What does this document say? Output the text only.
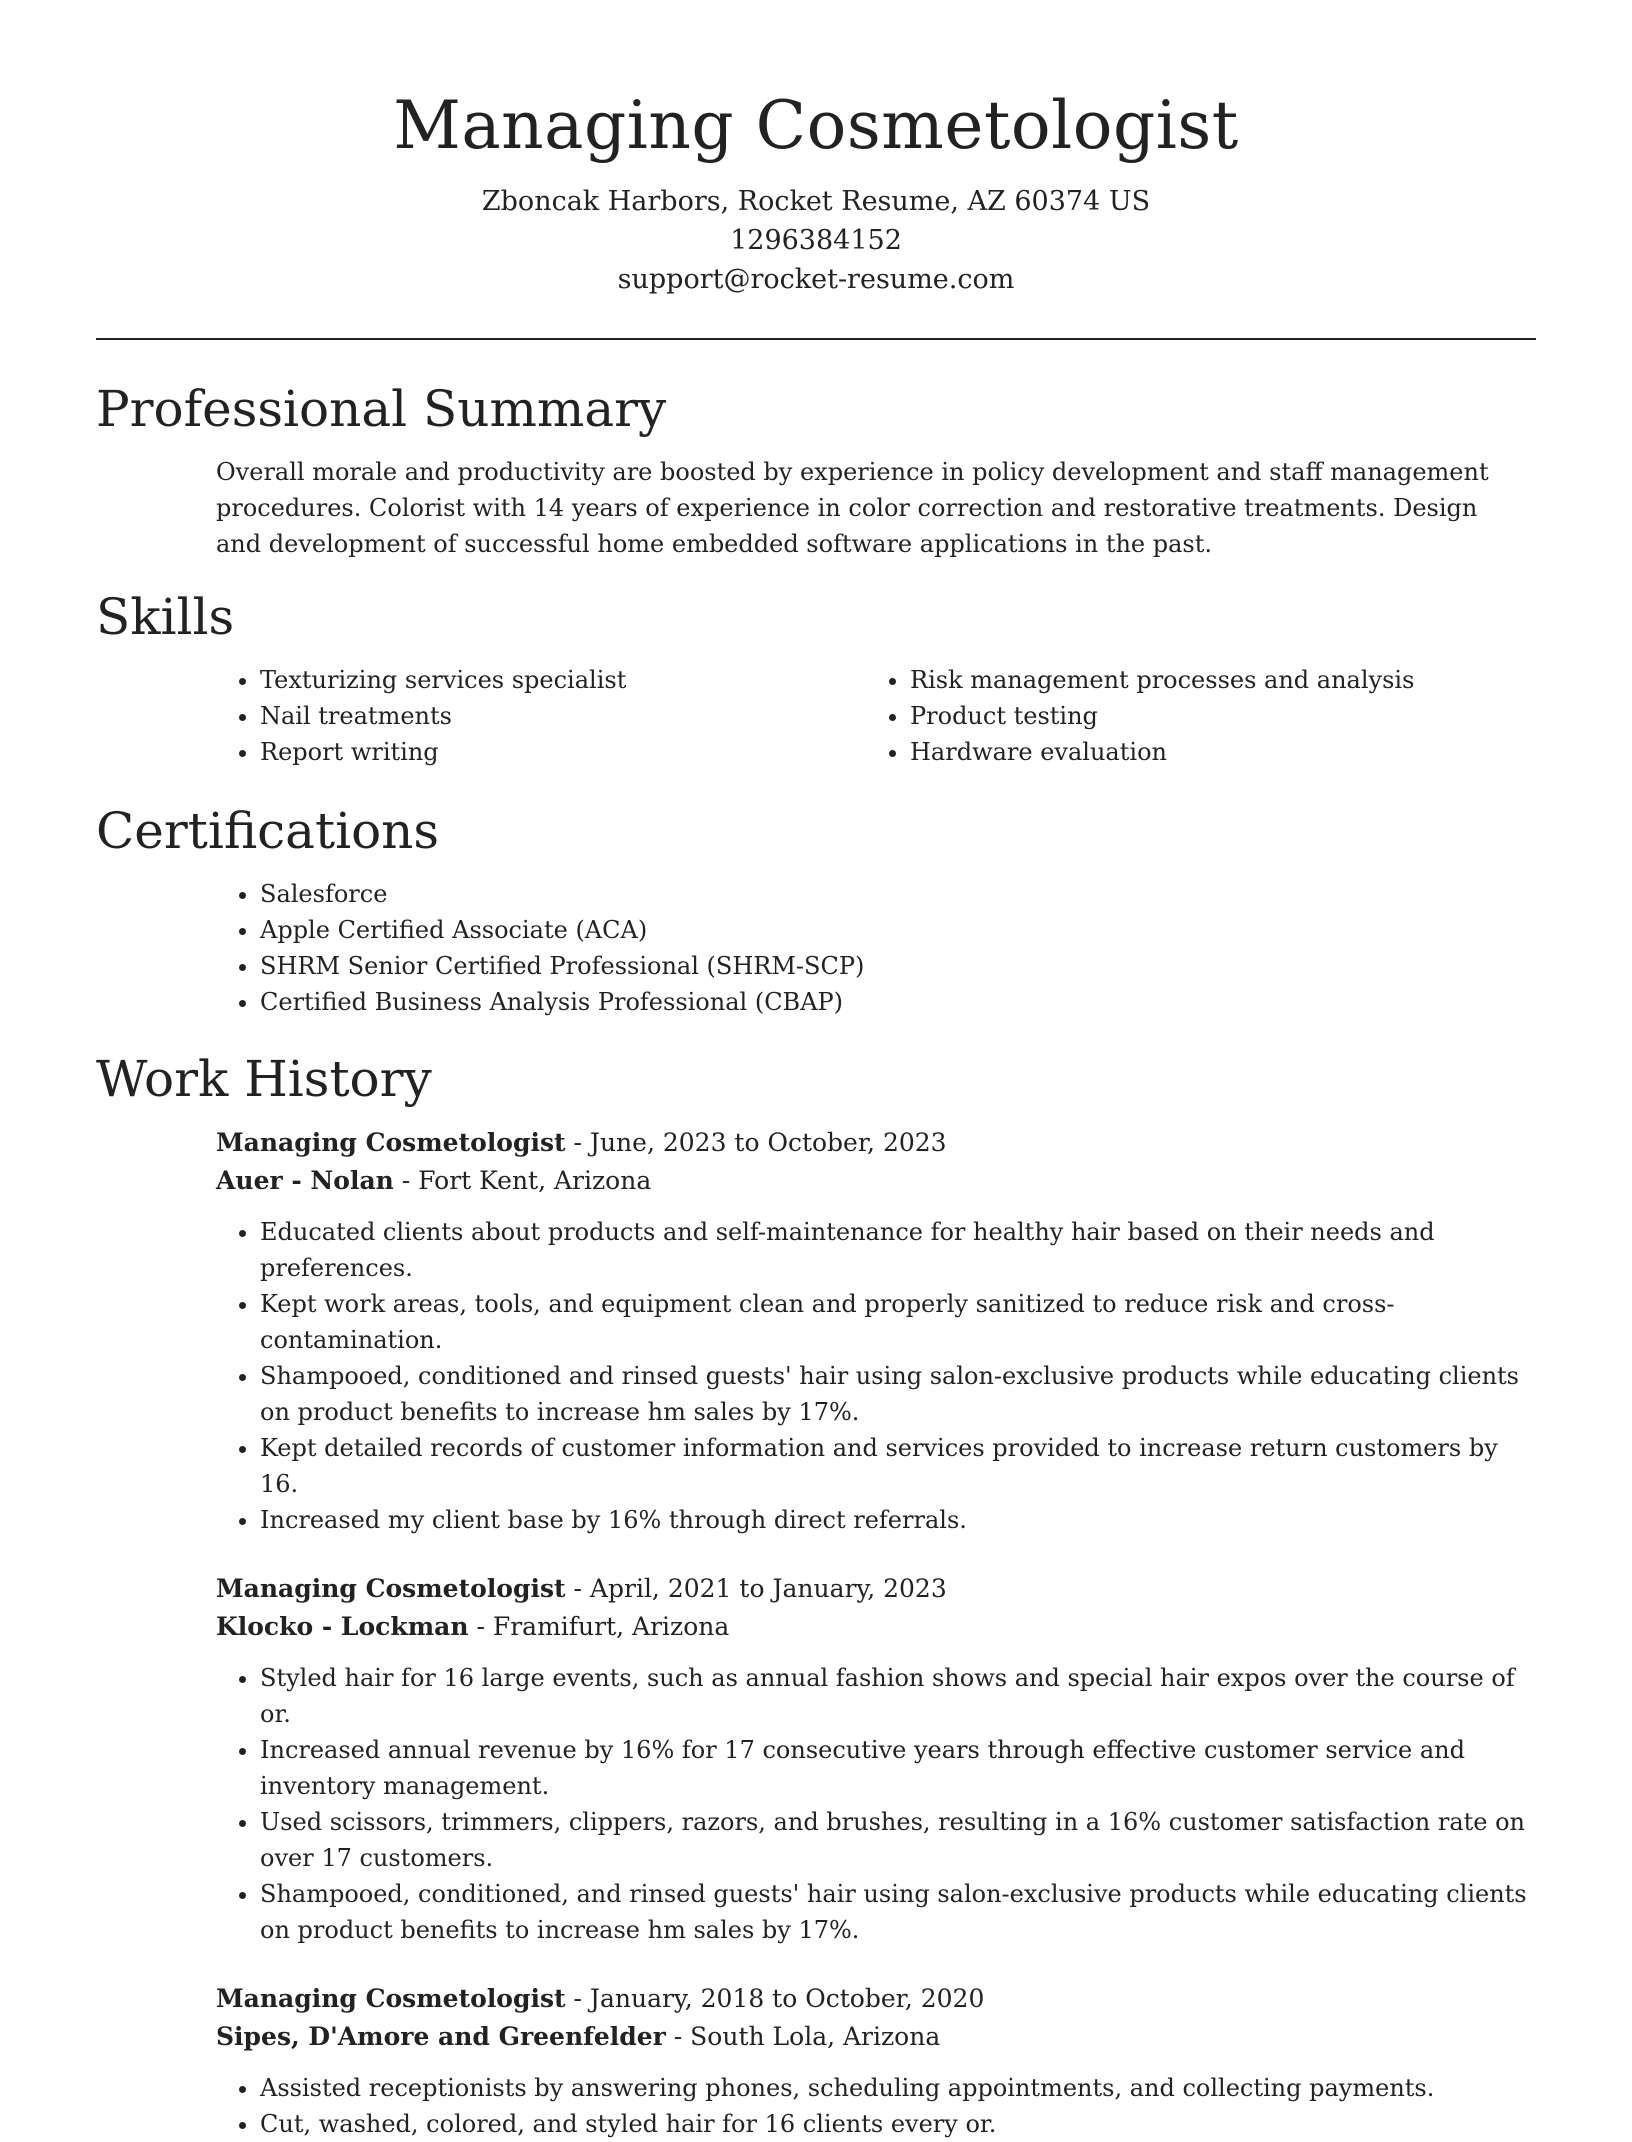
Managing Cosmetologist

Zboncak Harbors, Rocket Resume, AZ 60374 US

1296384152

support@rocket-resume.com

Professional Summary

Overall morale and productivity are boosted by experience in policy development and staff management procedures. Colorist with 14 years of experience in color correction and restorative treatments. Design and development of successful home embedded software applications in the past.

Skills
• Texturizing services specialist
• Nail treatments
• Report writing
• Risk management processes and analysis
• Product testing
• Hardware evaluation
Certifications
• Salesforce
• Apple Certified Associate (ACA)
• SHRM Senior Certified Professional (SHRM-SCP)
• Certified Business Analysis Professional (CBAP)
Work History
Managing Cosmetologist - June, 2023 to October, 2023
Auer - Nolan - Fort Kent, Arizona
• Educated clients about products and self-maintenance for healthy hair based on their needs and preferences.
• Kept work areas, tools, and equipment clean and properly sanitized to reduce risk and cross-contamination.
• Shampooed, conditioned and rinsed guests' hair using salon-exclusive products while educating clients on product benefits to increase hm sales by 17%.
• Kept detailed records of customer information and services provided to increase return customers by 16.
• Increased my client base by 16% through direct referrals.
Managing Cosmetologist - April, 2021 to January, 2023
Klocko - Lockman - Framifurt, Arizona
• Styled hair for 16 large events, such as annual fashion shows and special hair expos over the course of or.
• Increased annual revenue by 16% for 17 consecutive years through effective customer service and inventory management.
• Used scissors, trimmers, clippers, razors, and brushes, resulting in a 16% customer satisfaction rate on over 17 customers.
• Shampooed, conditioned, and rinsed guests' hair using salon-exclusive products while educating clients on product benefits to increase hm sales by 17%.
Managing Cosmetologist - January, 2018 to October, 2020
Sipes, D'Amore and Greenfelder - South Lola, Arizona
• Assisted receptionists by answering phones, scheduling appointments, and collecting payments.
• Cut, washed, colored, and styled hair for 16 clients every or.
